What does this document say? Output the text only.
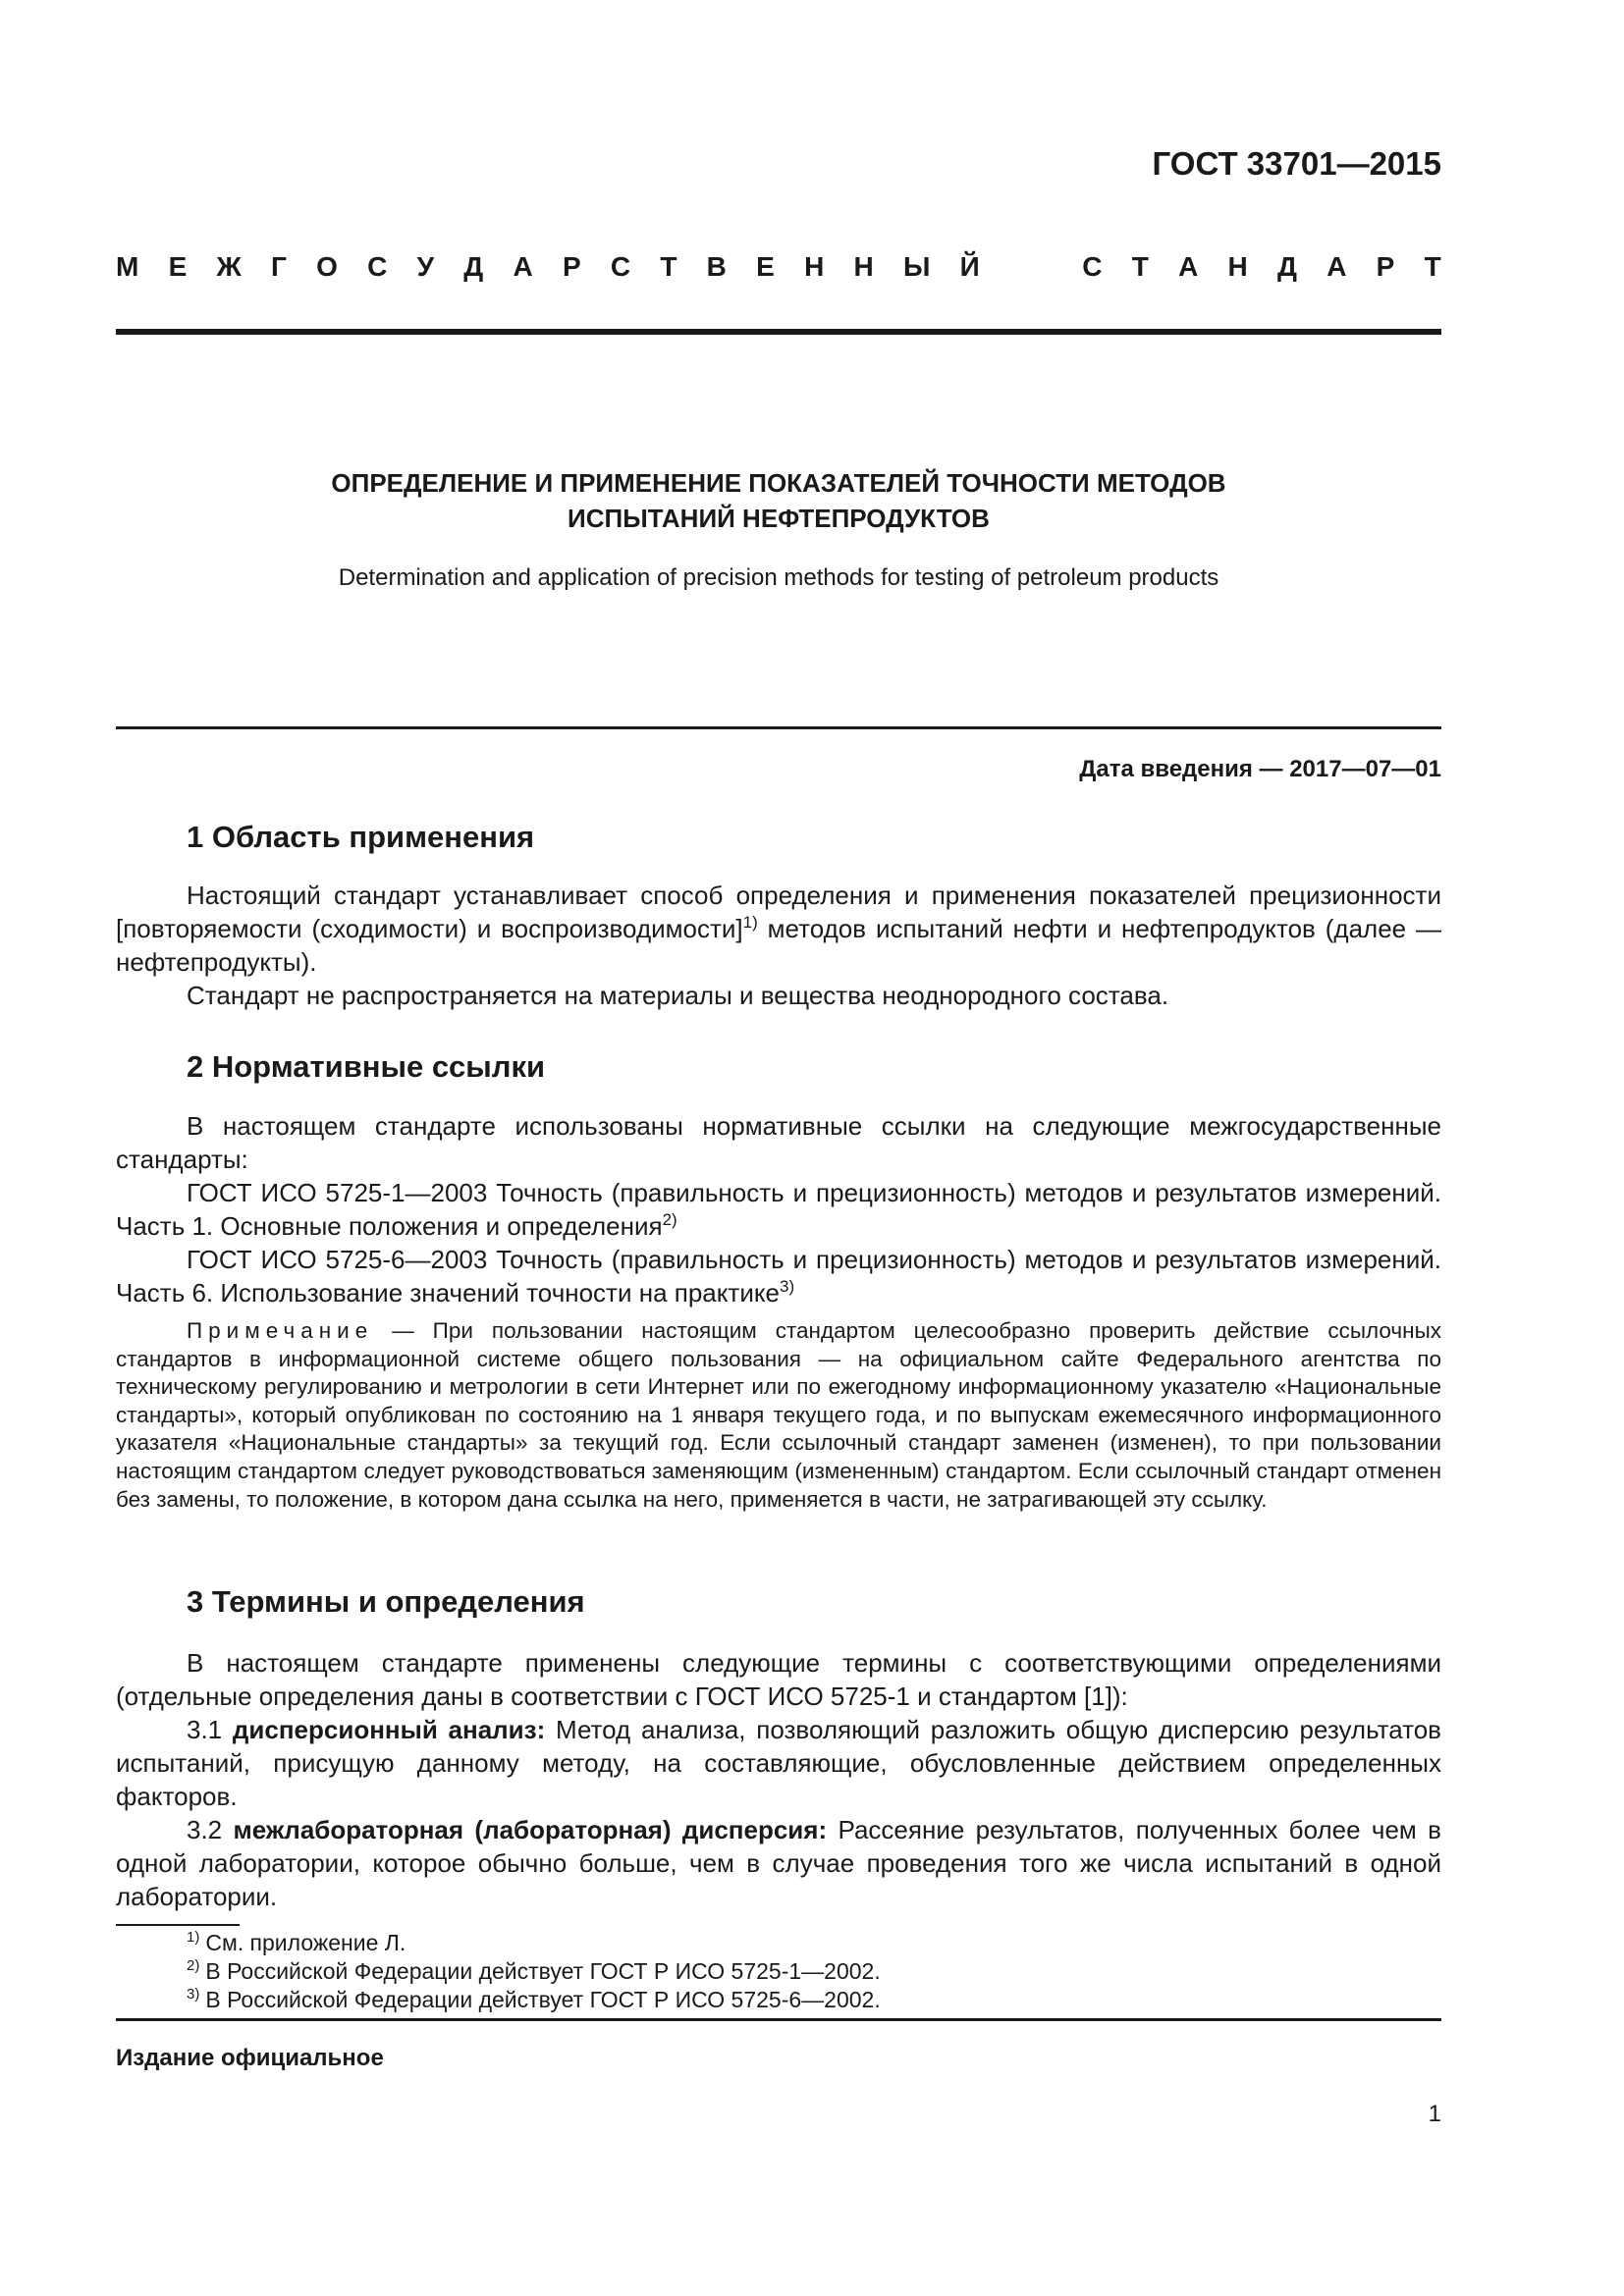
ГОСТ 33701—2015

М Е Ж Г О С У Д А Р С Т В Е Н Н Ы Й	С Т А Н Д А Р Т
ОПРЕДЕЛЕНИЕ И ПРИМЕНЕНИЕ ПОКАЗАТЕЛЕЙ ТОЧНОСТИ МЕТОДОВ
ИСПЫТАНИЙ НЕФТЕПРОДУКТОВ

Determination and application of precision methods for testing of petroleum products

Дата введения — 2017—07—01

1 Область применения

Настоящий стандарт устанавливает способ определения и применения показателей прецизионности [повторяемости (сходимости) и воспроизводимости]$^{1)}$ методов испытаний нефти и нефтепродуктов (далее — нефтепродукты).

Стандарт не распространяется на материалы и вещества неоднородного состава.

2 Нормативные ссылки

В настоящем стандарте использованы нормативные ссылки на следующие межгосударственные стандарты:

ГОСТ ИСО 5725-1—2003 Точность (правильность и прецизионность) методов и результатов измерений. Часть 1. Основные положения и определения$^{2)}$

ГОСТ ИСО 5725-6—2003 Точность (правильность и прецизионность) методов и результатов измерений. Часть 6. Использование значений точности на практике$^{3)}$

Примечание — При пользовании настоящим стандартом целесообразно проверить действие ссылочных стандартов в информационной системе общего пользования — на официальном сайте Федерального агентства по техническому регулированию и метрологии в сети Интернет или по ежегодному информационному указателю «Национальные стандарты», который опубликован по состоянию на 1 января текущего года, и по выпускам ежемесячного информационного указателя «Национальные стандарты» за текущий год. Если ссылочный стандарт заменен (изменен), то при пользовании настоящим стандартом следует руководствоваться заменяющим (измененным) стандартом. Если ссылочный стандарт отменен без замены, то положение, в котором дана ссылка на него, применяется в части, не затрагивающей эту ссылку.

3 Термины и определения

В настоящем стандарте применены следующие термины с соответствующими определениями (отдельные определения даны в соответствии с ГОСТ ИСО 5725-1 и стандартом [1]):

3.1 дисперсионный анализ: Метод анализа, позволяющий разложить общую дисперсию результатов испытаний, присущую данному методу, на составляющие, обусловленные действием определенных факторов.

3.2 межлабораторная (лабораторная) дисперсия: Рассеяние результатов, полученных более чем в одной лаборатории, которое обычно больше, чем в случае проведения того же числа испытаний в одной лаборатории.

$^{1)}$ См. приложение Л.

$^{2)}$ В Российской Федерации действует ГОСТ Р ИСО 5725-1—2002.

$^{3)}$ В Российской Федерации действует ГОСТ Р ИСО 5725-6—2002.

Издание официальное

1
